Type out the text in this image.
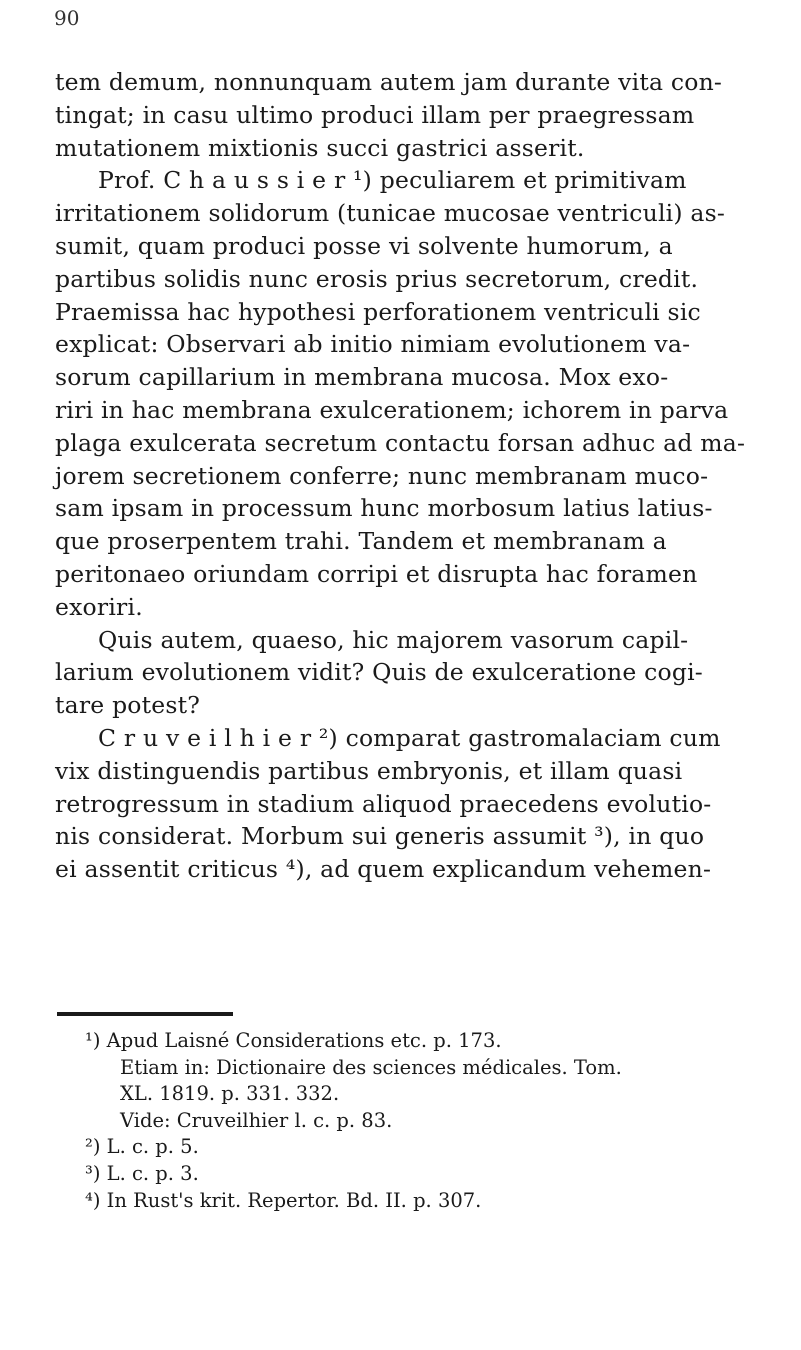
90
tem demum, nonnunquam autem jam durante vita con-
tingat; in casu ultimo produci illam per praegressam
mutationem mixtionis succi gastrici asserit.
Prof. C h a u s s i e r ¹) peculiarem et primitivam
irritationem solidorum (tunicae mucosae ventriculi) as-
sumit, quam produci posse vi solvente humorum, a
partibus solidis nunc erosis prius secretorum, credit.
Praemissa hac hypothesi perforationem ventriculi sic
explicat: Observari ab initio nimiam evolutionem va-
sorum capillarium in membrana mucosa. Mox exo-
riri in hac membrana exulcerationem; ichorem in parva
plaga exulcerata secretum contactu forsan adhuc ad ma-
jorem secretionem conferre; nunc membranam muco-
sam ipsam in processum hunc morbosum latius latius-
que proserpentem trahi. Tandem et membranam a
peritonaeo oriundam corripi et disrupta hac foramen
exoriri.
Quis autem, quaeso, hic majorem vasorum capil-
larium evolutionem vidit? Quis de exulceratione cogi-
tare potest?
C r u v e i l h i e r ²) comparat gastromalaciam cum
vix distinguendis partibus embryonis, et illam quasi
retrogressum in stadium aliquod praecedens evolutio-
nis considerat. Morbum sui generis assumit ³), in quo
ei assentit criticus ⁴), ad quem explicandum vehemen-
¹) Apud Laisné Considerations etc. p. 173.
Etiam in: Dictionaire des sciences médicales. Tom.
XL. 1819. p. 331. 332.
Vide: Cruveilhier l. c. p. 83.
²) L. c. p. 5.
³) L. c. p. 3.
⁴) In Rust's krit. Repertor. Bd. II. p. 307.
